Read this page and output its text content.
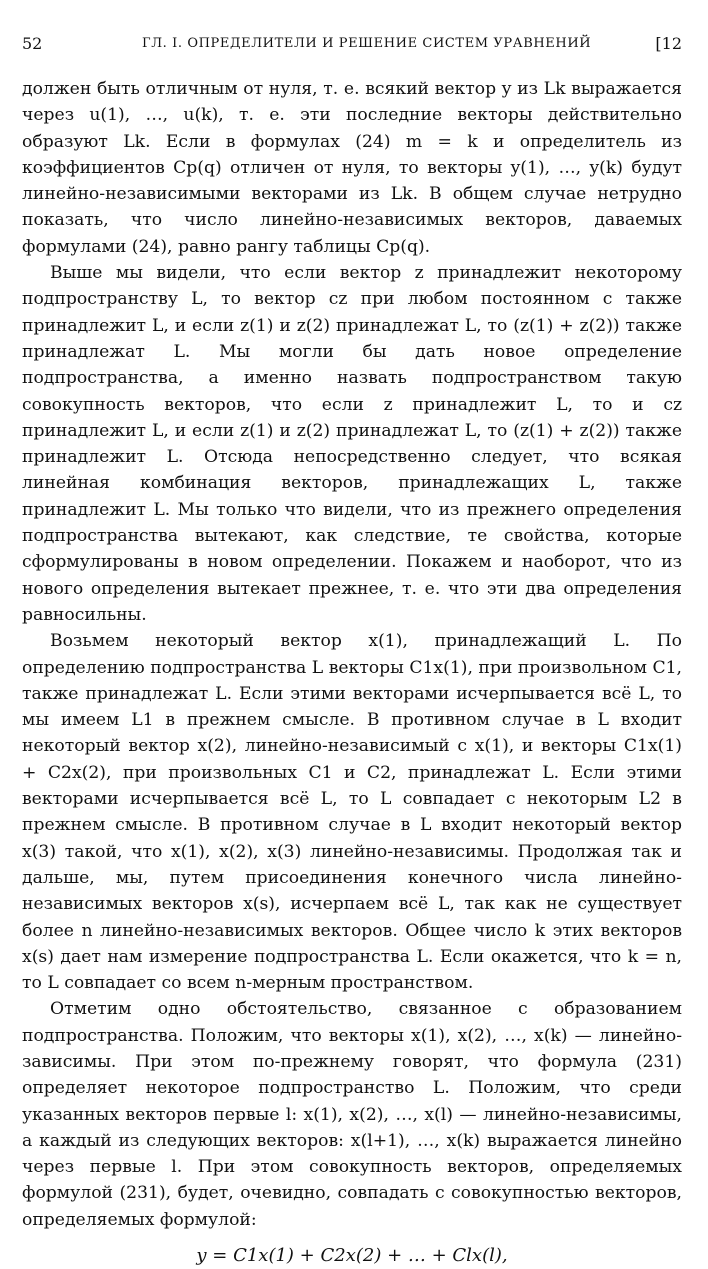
52	ГЛ. I. ОПРЕДЕЛИТЕЛИ И РЕШЕНИЕ СИСТЕМ УРАВНЕНИЙ	[12

должен быть отличным от нуля, т. е. всякий вектор y из Lk выражается через u(1), …, u(k), т. е. эти последние векторы действительно образуют Lk. Если в формулах (24) m = k и определитель из коэффициентов Cp(q) отличен от нуля, то векторы y(1), …, y(k) будут линейно-независимыми векторами из Lk. В общем случае нетрудно показать, что число линейно-независимых векторов, даваемых формулами (24), равно рангу таблицы Cp(q).

Выше мы видели, что если вектор z принадлежит некоторому подпространству L, то вектор cz при любом постоянном c также принадлежит L, и если z(1) и z(2) принадлежат L, то (z(1) + z(2)) также принадлежат L. Мы могли бы дать новое определение подпространства, а именно назвать подпространством такую совокупность векторов, что если z принадлежит L, то и cz принадлежит L, и если z(1) и z(2) принадлежат L, то (z(1) + z(2)) также принадлежит L. Отсюда непосредственно следует, что всякая линейная комбинация векторов, принадлежащих L, также принадлежит L. Мы только что видели, что из прежнего определения подпространства вытекают, как следствие, те свойства, которые сформулированы в новом определении. Покажем и наоборот, что из нового определения вытекает прежнее, т. е. что эти два определения равносильны.

Возьмем некоторый вектор x(1), принадлежащий L. По определению подпространства L векторы C1x(1), при произвольном C1, также принадлежат L. Если этими векторами исчерпывается всё L, то мы имеем L1 в прежнем смысле. В противном случае в L входит некоторый вектор x(2), линейно-независимый с x(1), и векторы C1x(1) + C2x(2), при произвольных C1 и C2, принадлежат L. Если этими векторами исчерпывается всё L, то L совпадает с некоторым L2 в прежнем смысле. В противном случае в L входит некоторый вектор x(3) такой, что x(1), x(2), x(3) линейно-независимы. Продолжая так и дальше, мы, путем присоединения конечного числа линейно-независимых векторов x(s), исчерпаем всё L, так как не существует более n линейно-независимых векторов. Общее число k этих векторов x(s) дает нам измерение подпространства L. Если окажется, что k = n, то L совпадает со всем n-мерным пространством.

Отметим одно обстоятельство, связанное с образованием подпространства. Положим, что векторы x(1), x(2), …, x(k) — линейно-зависимы. При этом по-прежнему говорят, что формула (231) определяет некоторое подпространство L. Положим, что среди указанных векторов первые l: x(1), x(2), …, x(l) — линейно-независимы, а каждый из следующих векторов: x(l+1), …, x(k) выражается линейно через первые l. При этом совокупность векторов, определяемых формулой (231), будет, очевидно, совпадать с совокупностью векторов, определяемых формулой:

y = C1x(1) + C2x(2) + … + Clx(l),
